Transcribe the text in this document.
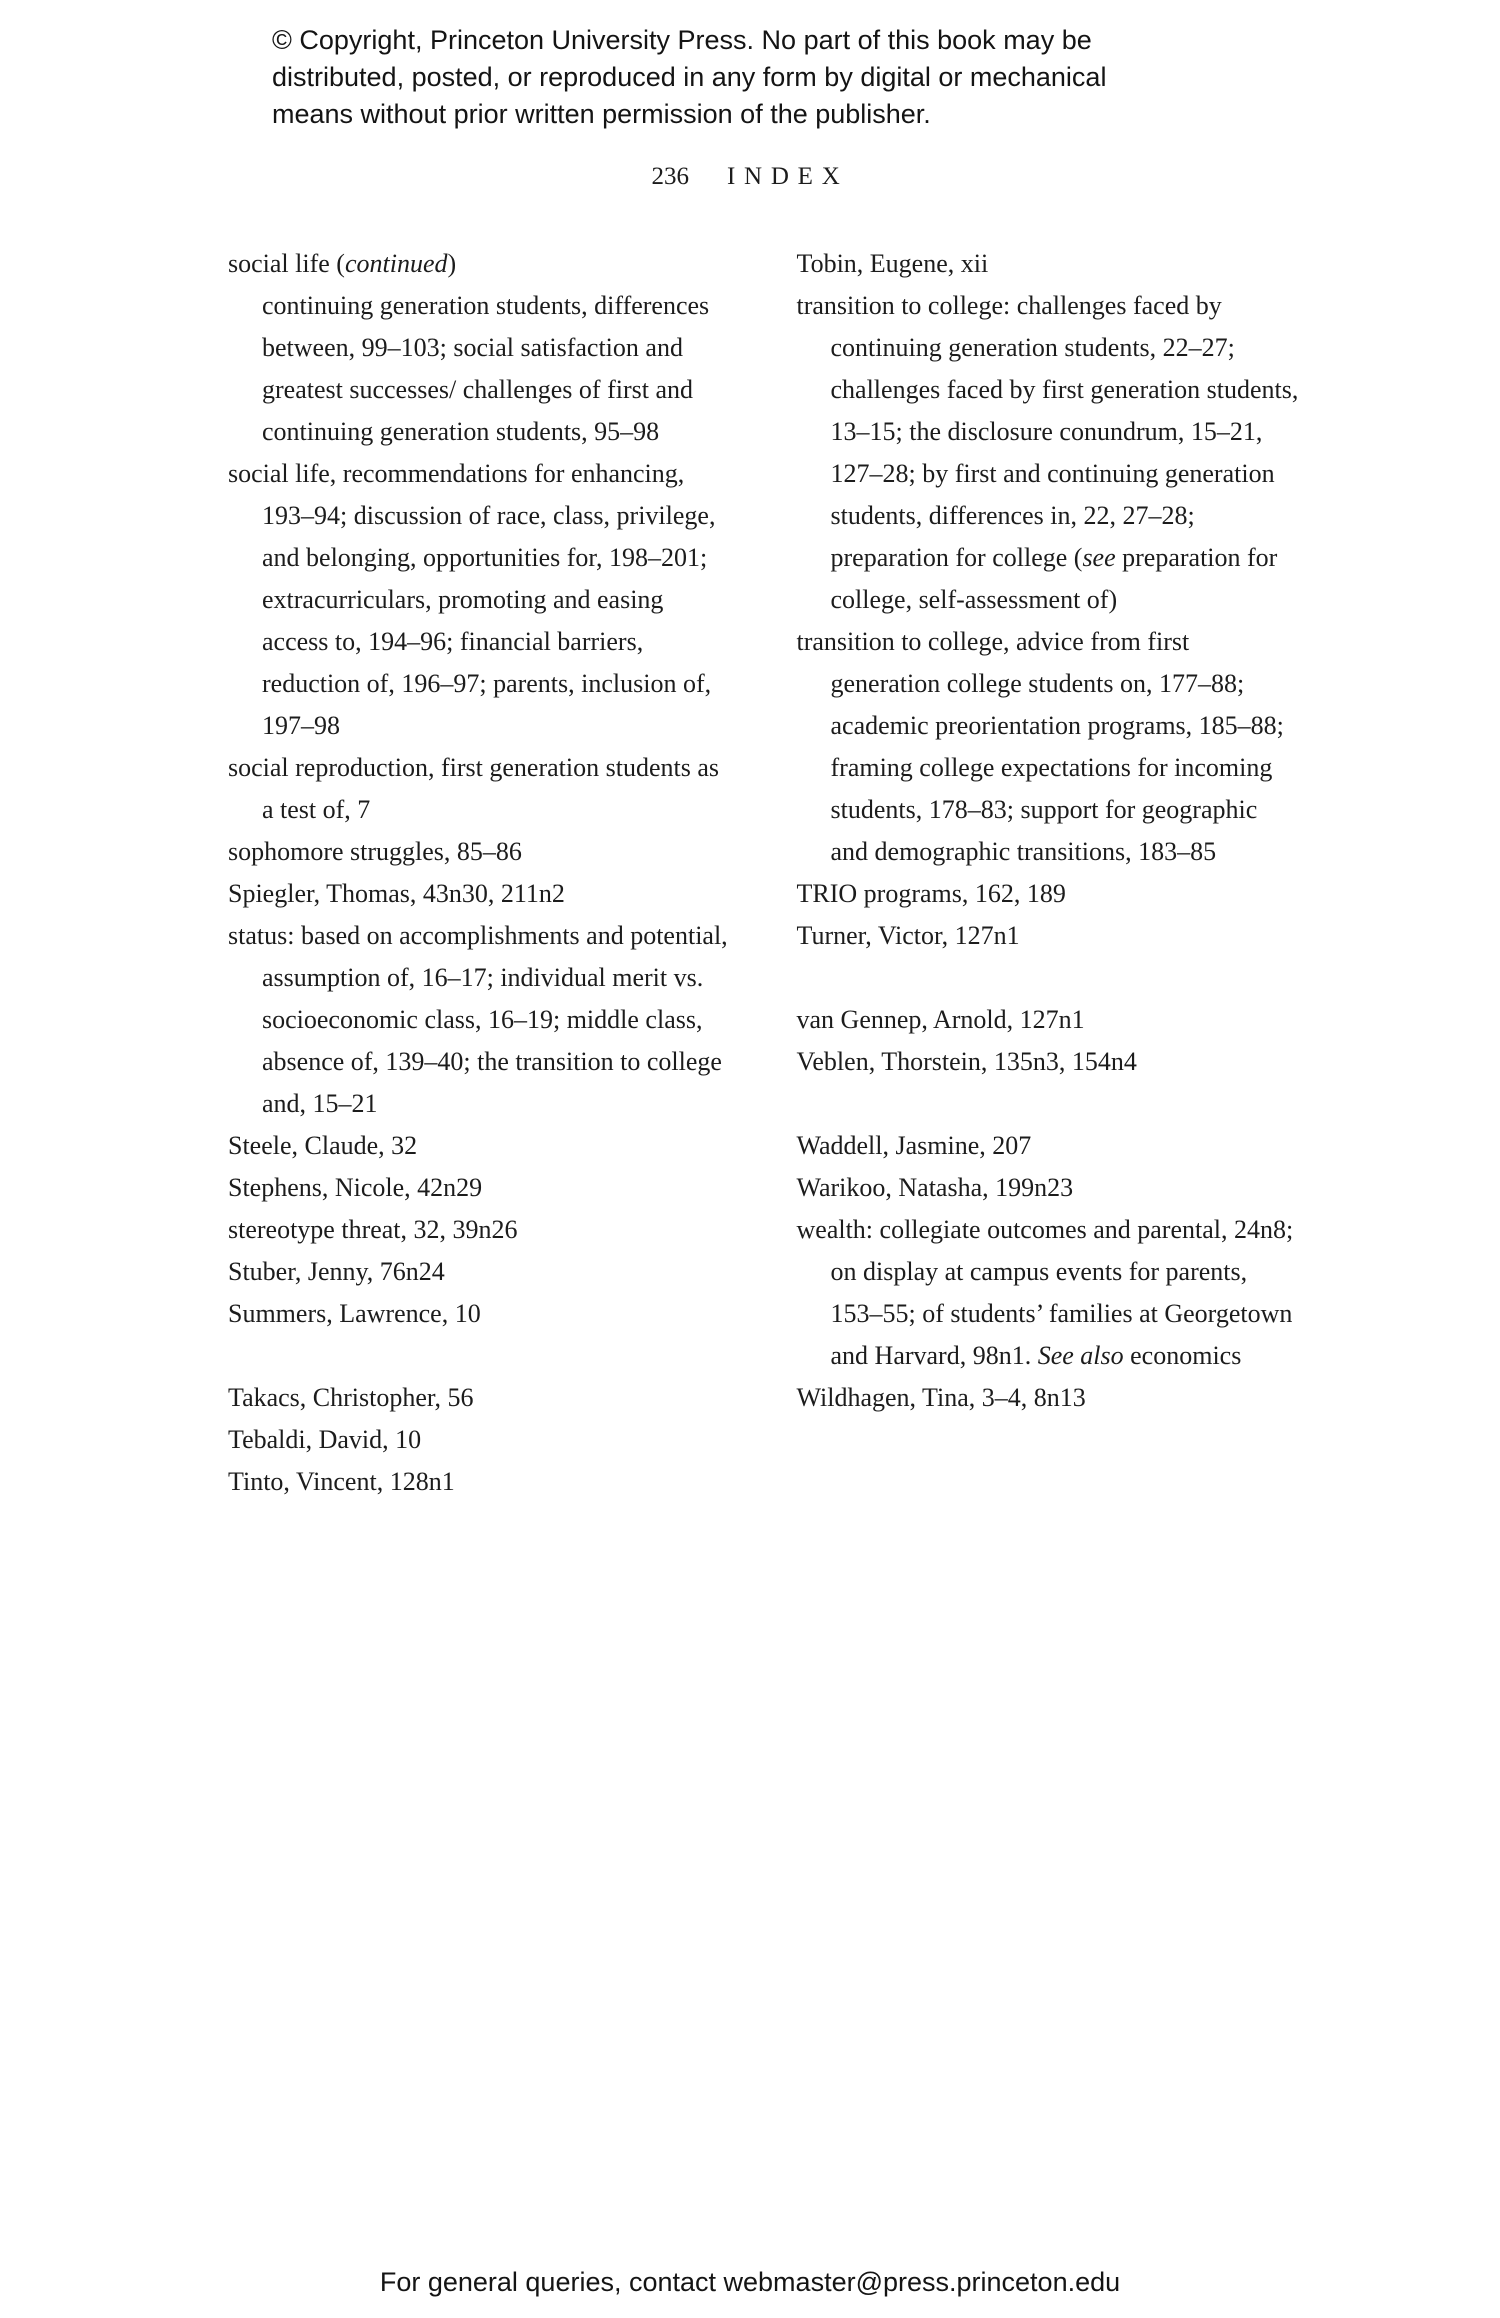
© Copyright, Princeton University Press. No part of this book may be
distributed, posted, or reproduced in any form by digital or mechanical
means without prior written permission of the publisher.
236 INDEX
social life (continued)
continuing generation students, differences between, 99–103; social satisfaction and greatest successes/ challenges of first and continuing generation students, 95–98
social life, recommendations for enhancing, 193–94; discussion of race, class, privilege, and belonging, opportunities for, 198–201; extracurriculars, promoting and easing access to, 194–96; financial barriers, reduction of, 196–97; parents, inclusion of, 197–98
social reproduction, first generation students as a test of, 7
sophomore struggles, 85–86
Spiegler, Thomas, 43n30, 211n2
status: based on accomplishments and potential, assumption of, 16–17; individual merit vs. socioeconomic class, 16–19; middle class, absence of, 139–40; the transition to college and, 15–21
Steele, Claude, 32
Stephens, Nicole, 42n29
stereotype threat, 32, 39n26
Stuber, Jenny, 76n24
Summers, Lawrence, 10
Takacs, Christopher, 56
Tebaldi, David, 10
Tinto, Vincent, 128n1
Tobin, Eugene, xii
transition to college: challenges faced by continuing generation students, 22–27; challenges faced by first generation students, 13–15; the disclosure conundrum, 15–21, 127–28; by first and continuing generation students, differences in, 22, 27–28; preparation for college (see preparation for college, self-assessment of)
transition to college, advice from first generation college students on, 177–88; academic preorientation programs, 185–88; framing college expectations for incoming students, 178–83; support for geographic and demographic transitions, 183–85
TRIO programs, 162, 189
Turner, Victor, 127n1
van Gennep, Arnold, 127n1
Veblen, Thorstein, 135n3, 154n4
Waddell, Jasmine, 207
Warikoo, Natasha, 199n23
wealth: collegiate outcomes and parental, 24n8; on display at campus events for parents, 153–55; of students’ families at Georgetown and Harvard, 98n1. See also economics
Wildhagen, Tina, 3–4, 8n13
For general queries, contact webmaster@press.princeton.edu
